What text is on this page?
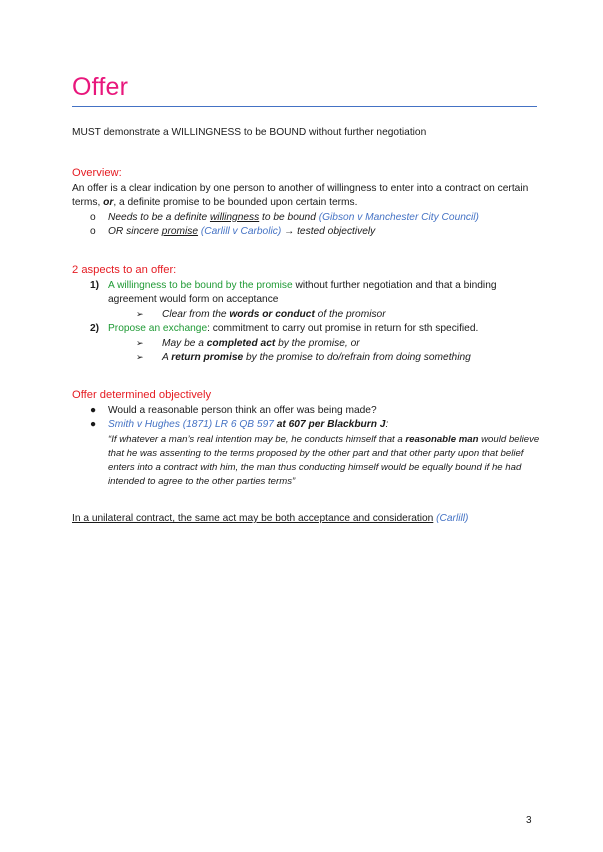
Offer

MUST demonstrate a WILLINGNESS to be BOUND without further negotiation

Overview:

An offer is a clear indication by one person to another of willingness to enter into a contract on certain terms, or, a definite promise to be bounded upon certain terms.

o Needs to be a definite willingness to be bound (Gibson v Manchester City Council)
o OR sincere promise (Carlill v Carbolic) → tested objectively

2 aspects to an offer:

1) A willingness to be bound by the promise without further negotiation and that a binding agreement would form on acceptance
➢ Clear from the words or conduct of the promisor
2) Propose an exchange: commitment to carry out promise in return for sth specified.
➢ May be a completed act by the promise, or
➢ A return promise by the promise to do/refrain from doing something

Offer determined objectively

● Would a reasonable person think an offer was being made?
● Smith v Hughes (1871) LR 6 QB 597 at 607 per Blackburn J:

“If whatever a man’s real intention may be, he conducts himself that a reasonable man would believe that he was assenting to the terms proposed by the other part and that other party upon that belief enters into a contract with him, the man thus conducting himself would be equally bound if he had intended to agree to the other parties terms”

In a unilateral contract, the same act may be both acceptance and consideration (Carlill)

3
